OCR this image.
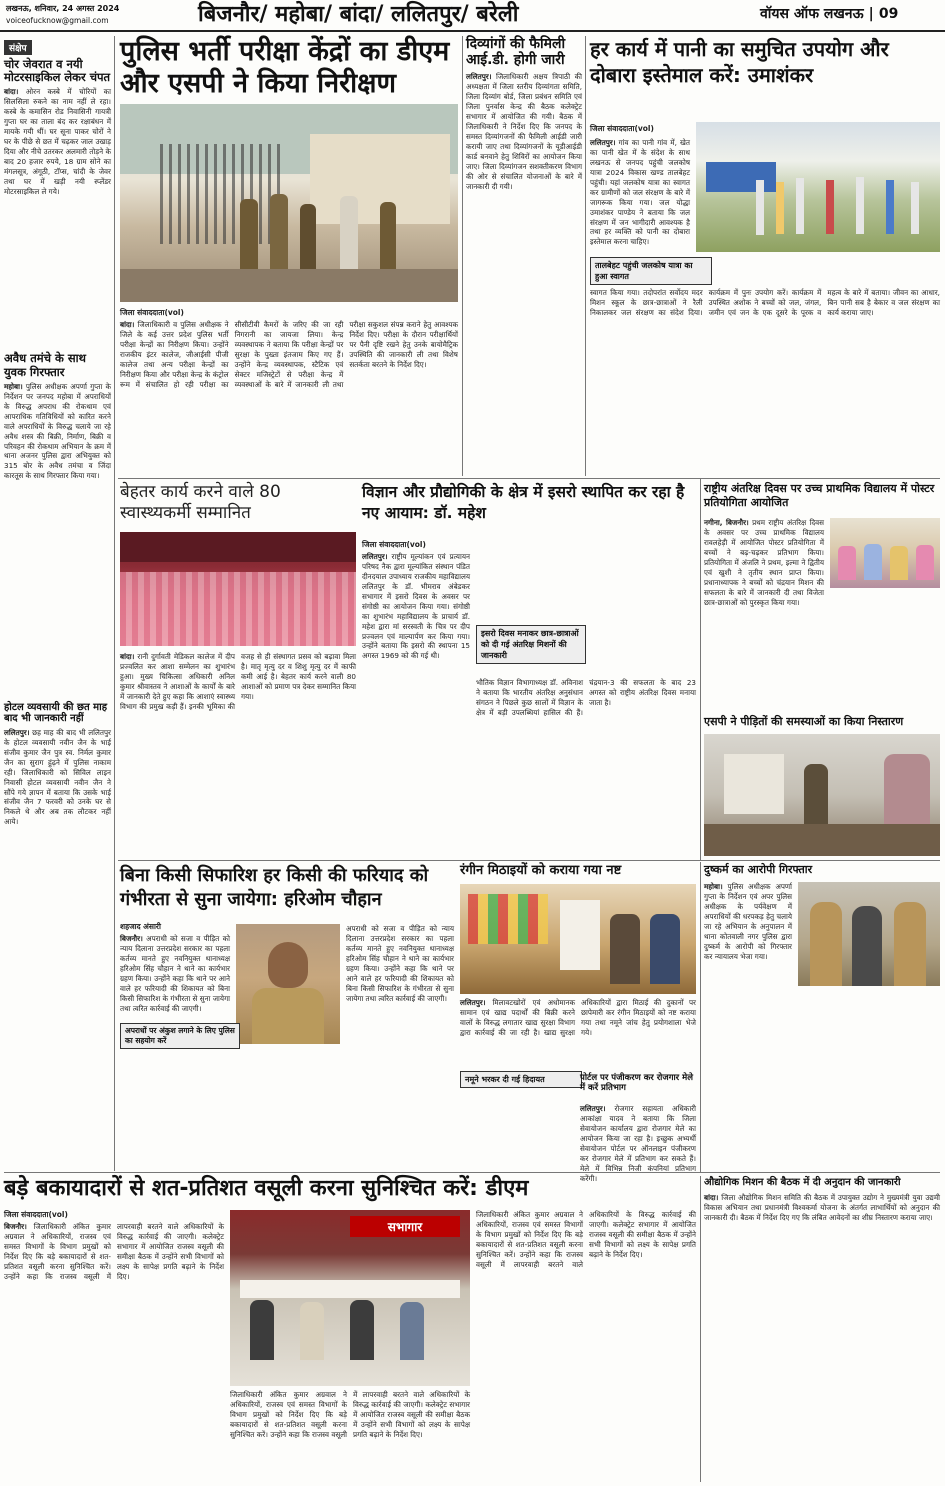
लखनऊ, शनिवार, 24 अगस्त 2024
voiceofucknow@gmail.com	बिजनौर/ महोबा/ बांदा/ ललितपुर/ बरेली	वॉयस ऑफ लखनऊ | 09
संक्षेप
चोर जेवरात व नयी मोटरसाइकिल लेकर चंपत
बांदा। ओरन कस्बे में चोरियों का सिलसिला रुकने का नाम नहीं ले रहा। कस्बे के कमासिन रोड निवासिनी गायत्री गुप्ता घर का ताला बंद कर रक्षाबंधन में मायके गयी थीं। घर सूना पाकर चोरों ने घर के पीछे से छत में चढ़कर जाल उखाड़ दिया और नीचे उतरकर अलमारी तोड़ने के बाद 20 हजार रुपये, 18 ग्राम सोने का मंगलसूत्र, अंगूठी, टॉप्स, चांदी के जेवर तथा घर में खड़ी नयी स्प्लेंडर मोटरसाइकिल ले गये।
अवैध तमंचे के साथ युवक गिरफ्तार
महोबा। पुलिस अधीक्षक अपर्णा गुप्ता के निर्देशन पर जनपद महोबा में अपराधियों के विरुद्ध अपराध की रोकथाम एवं आपराधिक गतिविधियों को कारित करने वाले अपराधियों के विरुद्ध चलाये जा रहे अवैध शस्त्र की बिक्री, निर्माण, बिक्री व परिवहन की रोकथाम अभियान के क्रम में थाना अजनर पुलिस द्वारा अभियुक्त को 315 बोर के अवैध तमंचा व जिंदा कारतूस के साथ गिरफ्तार किया गया।
होटल व्यवसायी की छत माह बाद भी जानकारी नहीं
ललितपुर। छह माह की बाद भी ललितपुर के होटल व्यवसायी नवीन जैन के भाई संजीव कुमार जैन पुत्र स्व. निर्मल कुमार जैन का सुराग हुंढ़ने में पुलिस नाकाम रही। जिलाधिकारी को सिविल लाइन निवासी होटल व्यवसायी नवीन जैन ने सौंपे गये ज्ञापन में बताया कि उसके भाई संजीव जैन 7 फरवरी को उनके घर से निकले थे और अब तक लौटकर नहीं आये।
पुलिस भर्ती परीक्षा केंद्रों का डीएम और एसपी ने किया निरीक्षण
जिला संवाददाता(vol)
बांदा। जिलाधिकारी व पुलिस अधीक्षक ने जिले के कई उत्तर प्रदेश पुलिस भर्ती परीक्षा केन्द्रों का निरीक्षण किया। उन्होंने राजकीय इंटर कालेज, जीआईसी पीजी कालेज तथा अन्य परीक्षा केन्द्रों का निरीक्षण किया और परीक्षा केन्द्र के कंट्रोल रूम में संचालित हो रही परीक्षा का सीसीटीवी कैमरों के जरिए की जा रही निगरानी का जायजा लिया। केन्द्र व्यवस्थापक ने बताया कि परीक्षा केन्द्रों पर सुरक्षा के पुख्ता इंतजाम किए गए हैं। उन्होंने केन्द्र व्यवस्थापक, स्टैटिक एवं सेक्टर मजिस्ट्रेटों से परीक्षा केन्द्र में व्यवस्थाओं के बारे में जानकारी ली तथा परीक्षा सकुशल संपन्न कराने हेतु आवश्यक निर्देश दिए। परीक्षा के दौरान परीक्षार्थियों पर पैनी दृष्टि रखने हेतु उनके बायोमैट्रिक उपस्थिति की जानकारी ली तथा विशेष सतर्कता बरतने के निर्देश दिए।
दिव्यांगों की फैमिली आई.डी. होगी जारी
ललितपुर। जिलाधिकारी अक्षय त्रिपाठी की अध्यक्षता में जिला स्तरीय दिव्यांगता समिति, जिला दिव्यांग बोर्ड, जिला प्रबंधन समिति एवं जिला पुनर्वास केन्द्र की बैठक कलेक्ट्रेट सभागार में आयोजित की गयी। बैठक में जिलाधिकारी ने निर्देश दिए कि जनपद के समस्त दिव्यांगजनों की फैमिली आईडी जारी करायी जाए तथा दिव्यांगजनों के यूडीआईडी कार्ड बनवाने हेतु शिविरों का आयोजन किया जाए। जिला दिव्यांगजन सशक्तीकरण विभाग की ओर से संचालित योजनाओं के बारे में जानकारी दी गयी।
हर कार्य में पानी का समुचित उपयोग और दोबारा इस्तेमाल करें: उमाशंकर
जिला संवाददाता(vol)
ललितपुर। गांव का पानी गांव में, खेत का पानी खेत में के संदेश के साथ लखनऊ से जनपद पहुंची जलकोष यात्रा 2024 विकास खण्ड तालबेहट पहुंची। यहां जलकोष यात्रा का स्वागत कर ग्रामीणों को जल संरक्षण के बारे में जागरूक किया गया। जल योद्धा उमाशंकर पाण्डेय ने बताया कि जल संरक्षण में जन भागीदारी आवश्यक है तथा हर व्यक्ति को पानी का दोबारा इस्तेमाल करना चाहिए।
तालबेहट पहुंची जलकोष यात्रा का हुआ स्वागत
स्वागत किया गया। तदोपरांत सर्वोदय मदर मिशन स्कूल के छात्र-छात्राओं ने रैली निकालकर जल संरक्षण का संदेश दिया। कार्यक्रम में पुनः उपयोग करें। कार्यक्रम में उपस्थित अशोक ने बच्चों को जल, जंगल, जमीन एवं जन के एक दूसरे के पूरक व महत्व के बारे में बताया। जीवन का आधार, बिन पानी सब है बेकार व जल संरक्षण का कार्य कराया जाए।
बेहतर कार्य करने वाले 80 स्वास्थ्यकर्मी सम्मानित
बांदा। रानी दुर्गावती मेडिकल कालेज में दीप प्रज्वलित कर आशा सम्मेलन का शुभारंभ हुआ। मुख्य चिकित्सा अधिकारी अनिल कुमार श्रीवास्तव ने आशाओं के कार्यों के बारे में जानकारी देते हुए कहा कि आशाएं स्वास्थ्य विभाग की प्रमुख कड़ी हैं। इनकी भूमिका की वजह से ही संस्थागत प्रसव को बढ़ावा मिला है। मातृ मृत्यु दर व शिशु मृत्यु दर में काफी कमी आई है। बेहतर कार्य करने वाली 80 आशाओं को प्रमाण पत्र देकर सम्मानित किया गया।
विज्ञान और प्रौद्योगिकी के क्षेत्र में इसरो स्थापित कर रहा है नए आयाम: डॉ. महेश
जिला संवाददाता(vol)
ललितपुर। राष्ट्रीय मूल्यांकन एवं प्रत्यायन परिषद नैक द्वारा मूल्यांकित संस्थान पंडित दीनदयाल उपाध्याय राजकीय महाविद्यालय ललितपुर के डॉ. भीमराव अंबेडकर सभागार में इसरो दिवस के अवसर पर संगोष्ठी का आयोजन किया गया। संगोष्ठी का शुभारंभ महाविद्यालय के प्राचार्य डॉ. महेश द्वारा मां सरस्वती के चित्र पर दीप प्रज्वलन एवं माल्यार्पण कर किया गया। उन्होंने बताया कि इसरो की स्थापना 15 अगस्त 1969 को की गई थी।
इसरो दिवस मनाकर छात्र-छात्राओं को दी गई अंतरिक्ष मिशनों की जानकारी
भौतिक विज्ञान विभागाध्यक्ष डॉ. अविनाश ने बताया कि भारतीय अंतरिक्ष अनुसंधान संगठन ने पिछले कुछ सालों में विज्ञान के क्षेत्र में बड़ी उपलब्धियां हासिल की हैं। चंद्रयान-3 की सफलता के बाद 23 अगस्त को राष्ट्रीय अंतरिक्ष दिवस मनाया जाता है।
राष्ट्रीय अंतरिक्ष दिवस पर उच्च प्राथमिक विद्यालय में पोस्टर प्रतियोगिता आयोजित
नगीना, बिजनौर। प्रथम राष्ट्रीय अंतरिक्ष दिवस के अवसर पर उच्च प्राथमिक विद्यालय रावलहेड़ी में आयोजित पोस्टर प्रतियोगिता में बच्चों ने बढ़-चढ़कर प्रतिभाग किया। प्रतियोगिता में अंजलि ने प्रथम, इल्मा ने द्वितीय एवं खुशी ने तृतीय स्थान प्राप्त किया। प्रधानाध्यापक ने बच्चों को चंद्रयान मिशन की सफलता के बारे में जानकारी दी तथा विजेता छात्र-छात्राओं को पुरस्कृत किया गया।
एसपी ने पीड़ितों की समस्याओं का किया निस्तारण
बिना किसी सिफारिश हर किसी की फरियाद को गंभीरता से सुना जायेगा: हरिओम चौहान
शहजाद अंसारी
बिजनौर। अपराधी को सजा व पीड़ित को न्याय दिलाना उत्तरप्रदेश सरकार का पहला कर्तव्य मानते हुए नवनियुक्त थानाध्यक्ष हरिओम सिंह चौहान ने थाने का कार्यभार ग्रहण किया। उन्होंने कहा कि थाने पर आने वाले हर फरियादी की शिकायत को बिना किसी सिफारिश के गंभीरता से सुना जायेगा तथा त्वरित कार्रवाई की जाएगी।
अपराधों पर अंकुश लगाने के लिए पुलिस का सहयोग करें
अपराधी को सजा व पीड़ित को न्याय दिलाना उत्तरप्रदेश सरकार का पहला कर्तव्य मानते हुए नवनियुक्त थानाध्यक्ष हरिओम सिंह चौहान ने थाने का कार्यभार ग्रहण किया। उन्होंने कहा कि थाने पर आने वाले हर फरियादी की शिकायत को बिना किसी सिफारिश के गंभीरता से सुना जायेगा तथा त्वरित कार्रवाई की जाएगी।
रंगीन मिठाइयों को कराया गया नष्ट
ललितपुर। मिलावटखोरों एवं अधोमानक सामान एवं खाद्य पदार्थों की बिक्री करने वालों के विरुद्ध लगातार खाद्य सुरक्षा विभाग द्वारा कार्रवाई की जा रही है। खाद्य सुरक्षा अधिकारियों द्वारा मिठाई की दुकानों पर छापेमारी कर रंगीन मिठाइयों को नष्ट कराया गया तथा नमूने जांच हेतु प्रयोगशाला भेजे गये।
नमूने भरकर दी गई हिदायत	पोर्टल पर पंजीकरण कर रोजगार मेले में करें प्रतिभाग
ललितपुर। रोजगार सहायता अधिकारी आकांक्षा यादव ने बताया कि जिला सेवायोजन कार्यालय द्वारा रोजगार मेले का आयोजन किया जा रहा है। इच्छुक अभ्यर्थी सेवायोजन पोर्टल पर ऑनलाइन पंजीकरण कर रोजगार मेले में प्रतिभाग कर सकते हैं। मेले में विभिन्न निजी कंपनियां प्रतिभाग करेंगी।
दुष्कर्म का आरोपी गिरफ्तार
महोबा। पुलिस अधीक्षक अपर्णा गुप्ता के निर्देशन एवं अपर पुलिस अधीक्षक के पर्यवेक्षण में अपराधियों की धरपकड़ हेतु चलाये जा रहे अभियान के अनुपालन में थाना कोतवाली नगर पुलिस द्वारा दुष्कर्म के आरोपी को गिरफ्तार कर न्यायालय भेजा गया।
बड़े बकायादारों से शत-प्रतिशत वसूली करना सुनिश्चित करें: डीएम
जिला संवाददाता(vol)
बिजनौर। जिलाधिकारी अंकित कुमार अग्रवाल ने अधिकारियों, राजस्व एवं समस्त विभागों के विभाग प्रमुखों को निर्देश दिए कि बड़े बकायादारों से शत-प्रतिशत वसूली करना सुनिश्चित करें। उन्होंने कहा कि राजस्व वसूली में लापरवाही बरतने वाले अधिकारियों के विरुद्ध कार्रवाई की जाएगी। कलेक्ट्रेट सभागार में आयोजित राजस्व वसूली की समीक्षा बैठक में उन्होंने सभी विभागों को लक्ष्य के सापेक्ष प्रगति बढ़ाने के निर्देश दिए।
सभागार
जिलाधिकारी अंकित कुमार अग्रवाल ने अधिकारियों, राजस्व एवं समस्त विभागों के विभाग प्रमुखों को निर्देश दिए कि बड़े बकायादारों से शत-प्रतिशत वसूली करना सुनिश्चित करें। उन्होंने कहा कि राजस्व वसूली में लापरवाही बरतने वाले अधिकारियों के विरुद्ध कार्रवाई की जाएगी। कलेक्ट्रेट सभागार में आयोजित राजस्व वसूली की समीक्षा बैठक में उन्होंने सभी विभागों को लक्ष्य के सापेक्ष प्रगति बढ़ाने के निर्देश दिए।
जिलाधिकारी अंकित कुमार अग्रवाल ने अधिकारियों, राजस्व एवं समस्त विभागों के विभाग प्रमुखों को निर्देश दिए कि बड़े बकायादारों से शत-प्रतिशत वसूली करना सुनिश्चित करें। उन्होंने कहा कि राजस्व वसूली में लापरवाही बरतने वाले अधिकारियों के विरुद्ध कार्रवाई की जाएगी। कलेक्ट्रेट सभागार में आयोजित राजस्व वसूली की समीक्षा बैठक में उन्होंने सभी विभागों को लक्ष्य के सापेक्ष प्रगति बढ़ाने के निर्देश दिए।
औद्योगिक मिशन की बैठक में दी अनुदान की जानकारी
बांदा। जिला औद्योगिक मिशन समिति की बैठक में उपायुक्त उद्योग ने मुख्यमंत्री युवा उद्यमी विकास अभियान तथा प्रधानमंत्री विश्वकर्मा योजना के अंतर्गत लाभार्थियों को अनुदान की जानकारी दी। बैठक में निर्देश दिए गए कि लंबित आवेदनों का शीघ्र निस्तारण कराया जाए।
